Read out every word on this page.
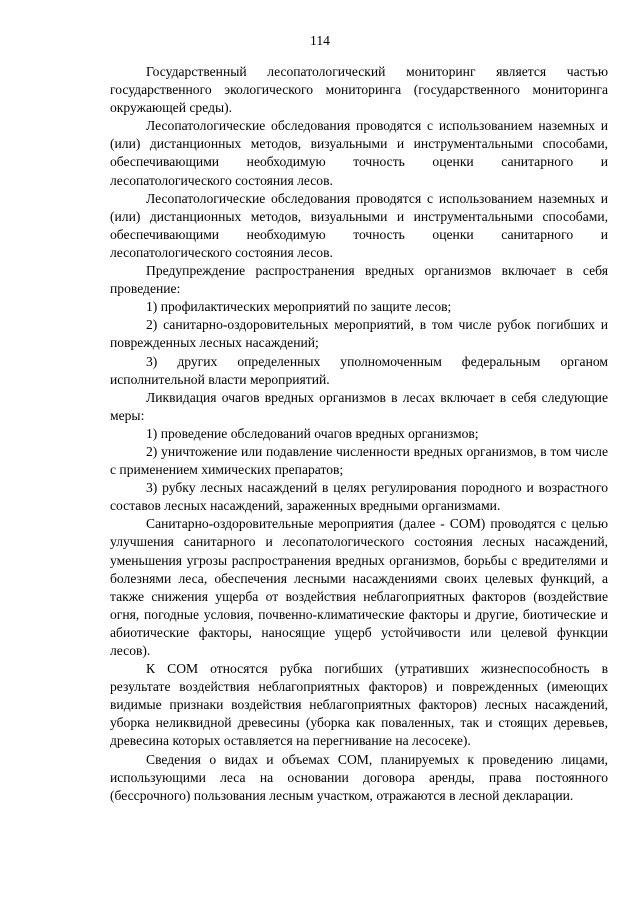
114

Государственный лесопатологический мониторинг является частью государственного экологического мониторинга (государственного мониторинга окружающей среды).

Лесопатологические обследования проводятся с использованием наземных и (или) дистанционных методов, визуальными и инструментальными способами, обеспечивающими необходимую точность оценки санитарного и лесопатологического состояния лесов.

Лесопатологические обследования проводятся с использованием наземных и (или) дистанционных методов, визуальными и инструментальными способами, обеспечивающими необходимую точность оценки санитарного и лесопатологического состояния лесов.

Предупреждение распространения вредных организмов включает в себя проведение:

1) профилактических мероприятий по защите лесов;

2) санитарно-оздоровительных мероприятий, в том числе рубок погибших и поврежденных лесных насаждений;

3) других определенных уполномоченным федеральным органом исполнительной власти мероприятий.

Ликвидация очагов вредных организмов в лесах включает в себя следующие меры:

1) проведение обследований очагов вредных организмов;

2) уничтожение или подавление численности вредных организмов, в том числе с применением химических препаратов;

3) рубку лесных насаждений в целях регулирования породного и возрастного составов лесных насаждений, зараженных вредными организмами.

Санитарно-оздоровительные мероприятия (далее - СОМ) проводятся с целью улучшения санитарного и лесопатологического состояния лесных насаждений, уменьшения угрозы распространения вредных организмов, борьбы с вредителями и болезнями леса, обеспечения лесными насаждениями своих целевых функций, а также снижения ущерба от воздействия неблагоприятных факторов (воздействие огня, погодные условия, почвенно-климатические факторы и другие, биотические и абиотические факторы, наносящие ущерб устойчивости или целевой функции лесов).

К СОМ относятся рубка погибших (утративших жизнеспособность в результате воздействия неблагоприятных факторов) и поврежденных (имеющих видимые признаки воздействия неблагоприятных факторов) лесных насаждений, уборка неликвидной древесины (уборка как поваленных, так и стоящих деревьев, древесина которых оставляется на перегнивание на лесосеке).

Сведения о видах и объемах СОМ, планируемых к проведению лицами, использующими леса на основании договора аренды, права постоянного (бессрочного) пользования лесным участком, отражаются в лесной декларации.
